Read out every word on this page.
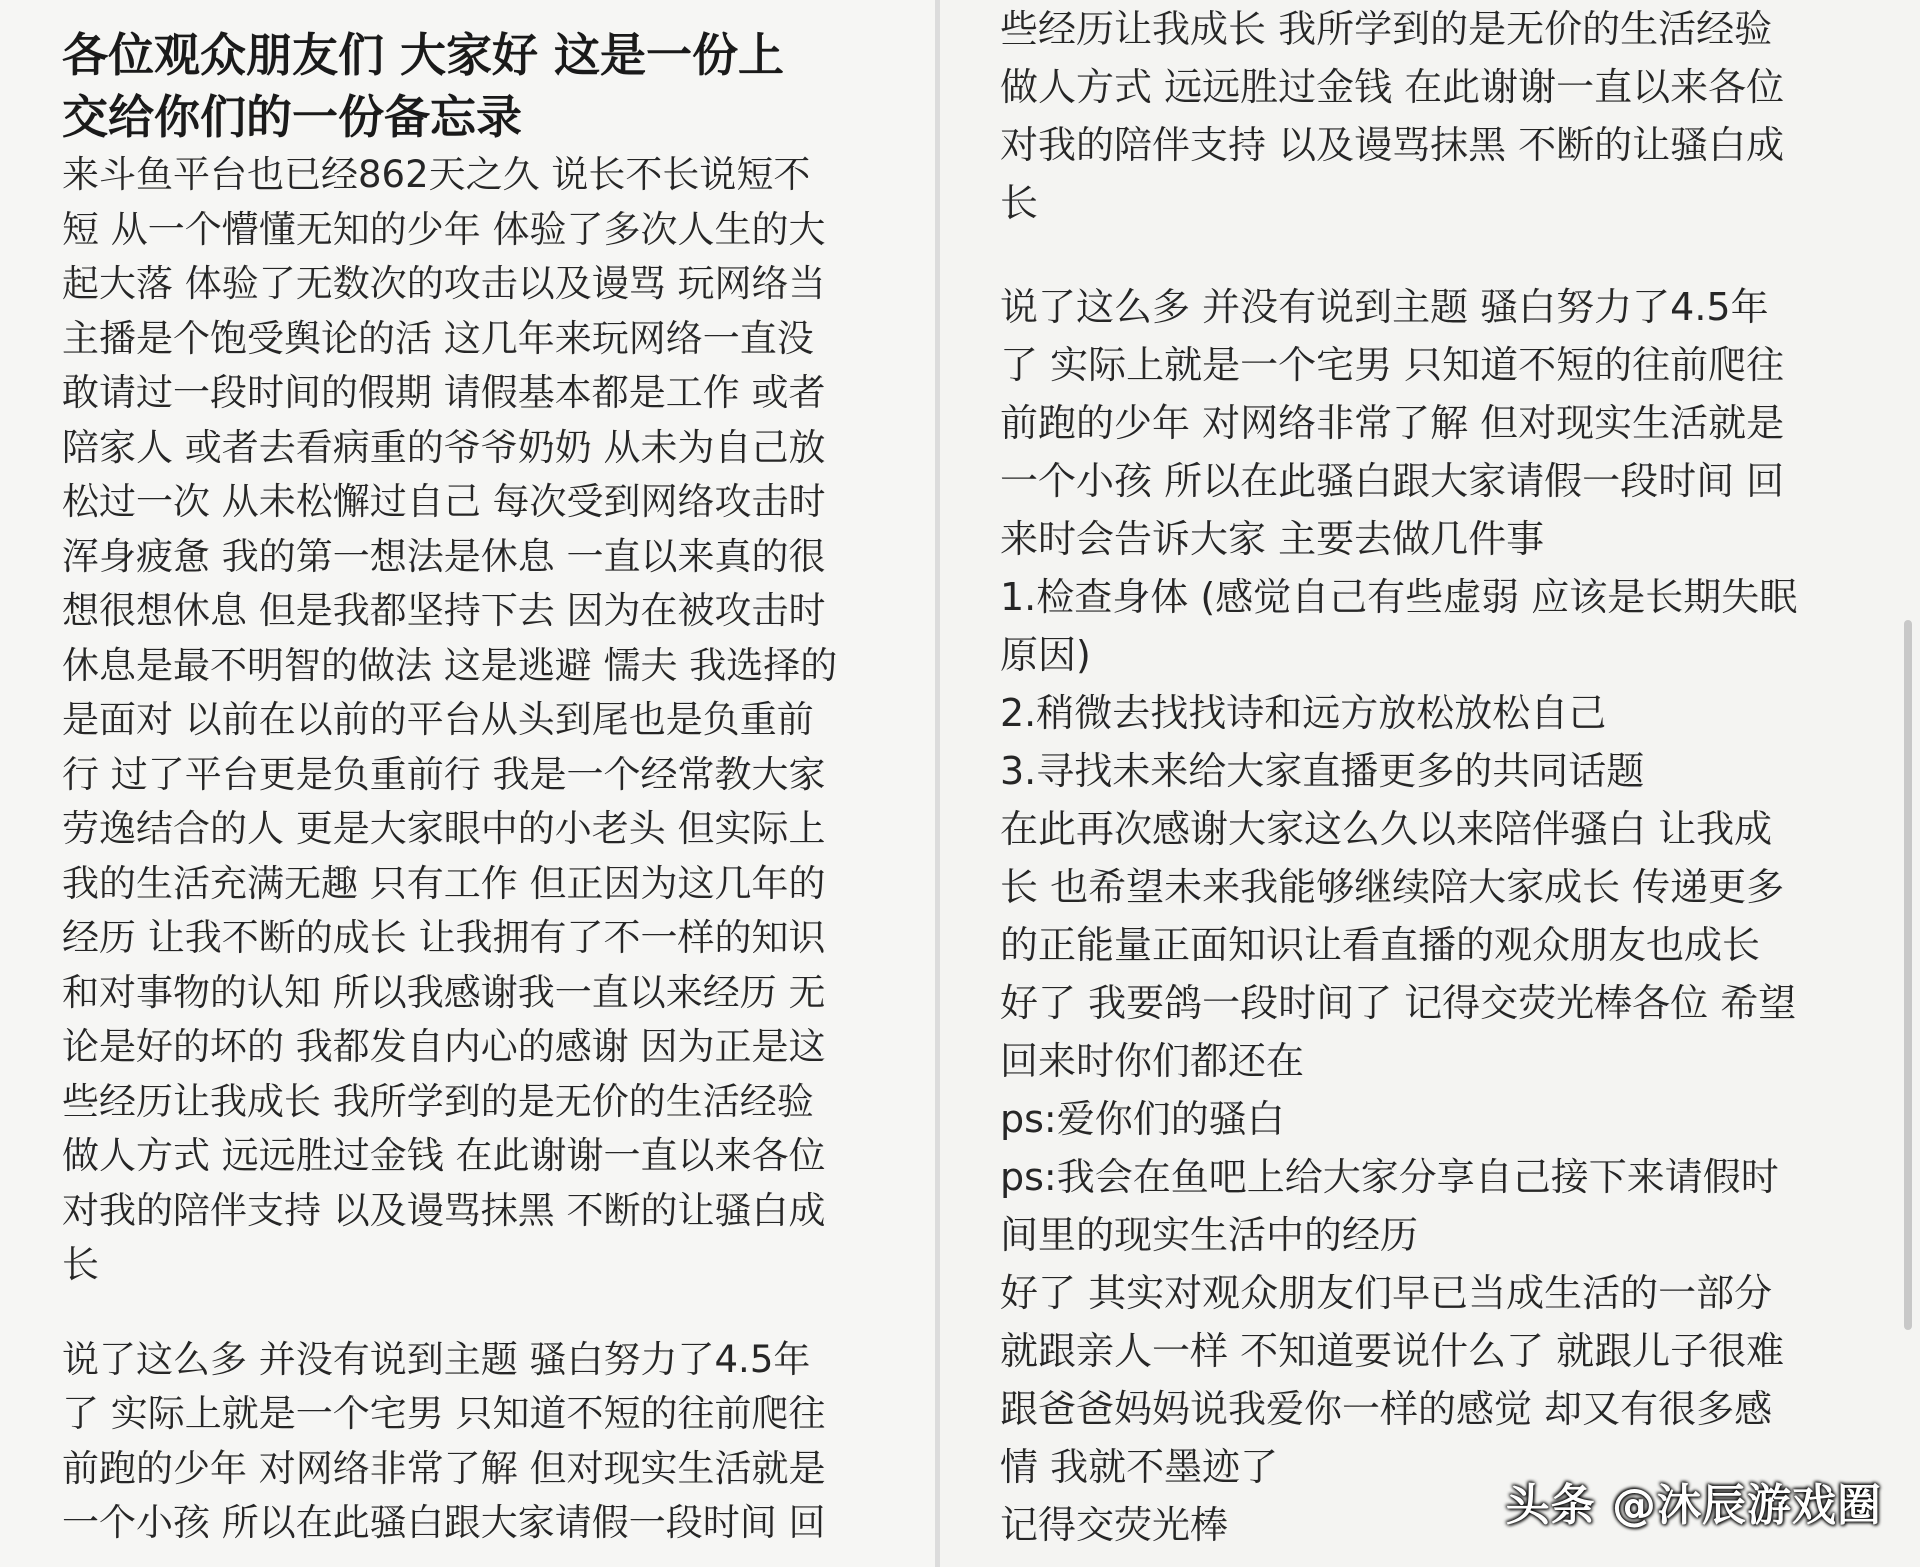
各位观众朋友们 大家好 这是一份上
交给你们的一份备忘录
来斗鱼平台也已经862天之久 说长不长说短不
短 从一个懵懂无知的少年 体验了多次人生的大
起大落 体验了无数次的攻击以及谩骂 玩网络当
主播是个饱受舆论的活 这几年来玩网络一直没
敢请过一段时间的假期 请假基本都是工作 或者
陪家人 或者去看病重的爷爷奶奶 从未为自己放
松过一次 从未松懈过自己 每次受到网络攻击时
浑身疲惫 我的第一想法是休息 一直以来真的很
想很想休息 但是我都坚持下去 因为在被攻击时
休息是最不明智的做法 这是逃避 懦夫 我选择的
是面对 以前在以前的平台从头到尾也是负重前
行 过了平台更是负重前行 我是一个经常教大家
劳逸结合的人 更是大家眼中的小老头 但实际上
我的生活充满无趣 只有工作 但正因为这几年的
经历 让我不断的成长 让我拥有了不一样的知识
和对事物的认知 所以我感谢我一直以来经历 无
论是好的坏的 我都发自内心的感谢 因为正是这
些经历让我成长 我所学到的是无价的生活经验
做人方式 远远胜过金钱 在此谢谢一直以来各位
对我的陪伴支持 以及谩骂抹黑 不断的让骚白成
长
说了这么多 并没有说到主题 骚白努力了4.5年
了 实际上就是一个宅男 只知道不短的往前爬往
前跑的少年 对网络非常了解 但对现实生活就是
一个小孩 所以在此骚白跟大家请假一段时间 回
些经历让我成长 我所学到的是无价的生活经验
做人方式 远远胜过金钱 在此谢谢一直以来各位
对我的陪伴支持 以及谩骂抹黑 不断的让骚白成
长
说了这么多 并没有说到主题 骚白努力了4.5年
了 实际上就是一个宅男 只知道不短的往前爬往
前跑的少年 对网络非常了解 但对现实生活就是
一个小孩 所以在此骚白跟大家请假一段时间 回
来时会告诉大家 主要去做几件事
1.检查身体 (感觉自己有些虚弱 应该是长期失眠
原因)
2.稍微去找找诗和远方放松放松自己
3.寻找未来给大家直播更多的共同话题
在此再次感谢大家这么久以来陪伴骚白 让我成
长 也希望未来我能够继续陪大家成长 传递更多
的正能量正面知识让看直播的观众朋友也成长
好了 我要鸽一段时间了 记得交荧光棒各位 希望
回来时你们都还在
ps:爱你们的骚白
ps:我会在鱼吧上给大家分享自己接下来请假时
间里的现实生活中的经历
好了 其实对观众朋友们早已当成生活的一部分
就跟亲人一样 不知道要说什么了 就跟儿子很难
跟爸爸妈妈说我爱你一样的感觉 却又有很多感
情 我就不墨迹了
记得交荧光棒	头条 @沐辰游戏圈
